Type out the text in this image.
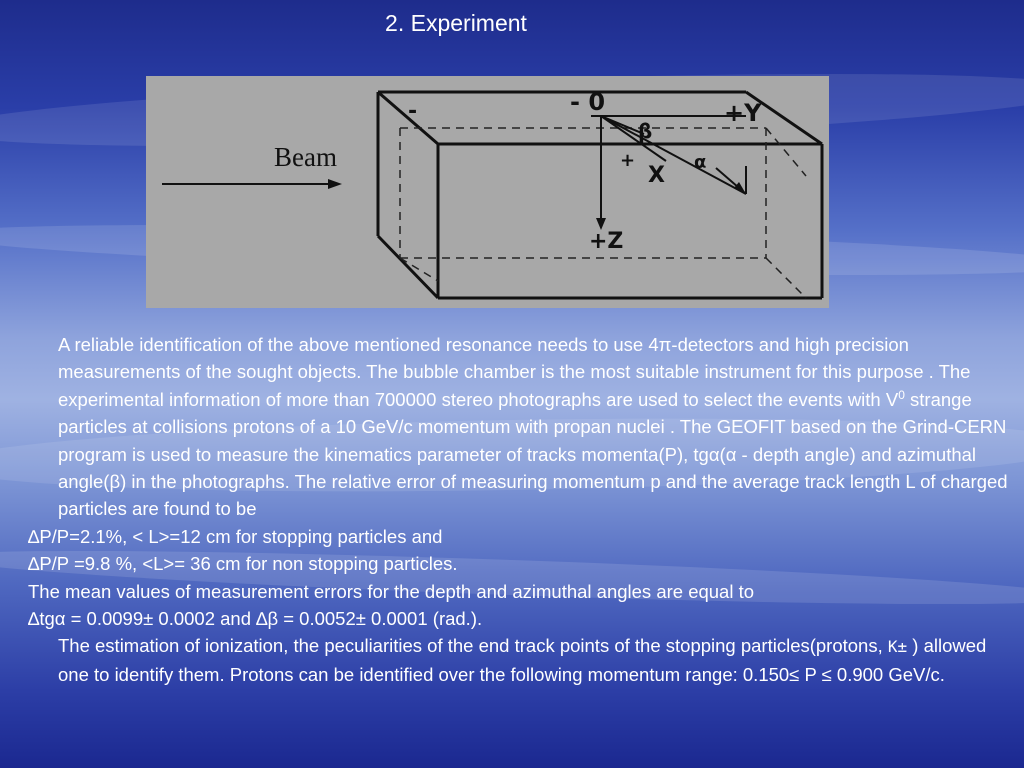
2. Experiment
Beam
-	- 0	+Y
β
+
X
α
+Z

A reliable identification of the above mentioned resonance needs to use 4π-detectors and high precision measurements of the sought objects. The bubble chamber is the most suitable instrument for this purpose . The experimental information of more than 700000 stereo photographs are used to select the events with $V^0$ strange particles at collisions protons of a 10 GeV/c momentum with propan nuclei . The GEOFIT based on the Grind-CERN program is used to measure the kinematics parameter of tracks momenta(P), tgα(α - depth angle) and azimuthal angle(β) in the photographs. The relative error of measuring momentum p and the average track length L of charged particles are found to be

∆P/P=2.1%, < L>=12 cm for stopping particles and

∆P/P =9.8 %, <L>= 36 cm for non stopping particles.

The mean values of measurement errors for the depth and azimuthal angles are equal to

∆tgα = 0.0099± 0.0002 and ∆β = 0.0052± 0.0001 (rad.).

The estimation of ionization, the peculiarities of the end track points of the stopping particles(protons, K± ) allowed one to identify them. Protons can be identified over the following momentum range: 0.150≤ P ≤ 0.900 GeV/c.
